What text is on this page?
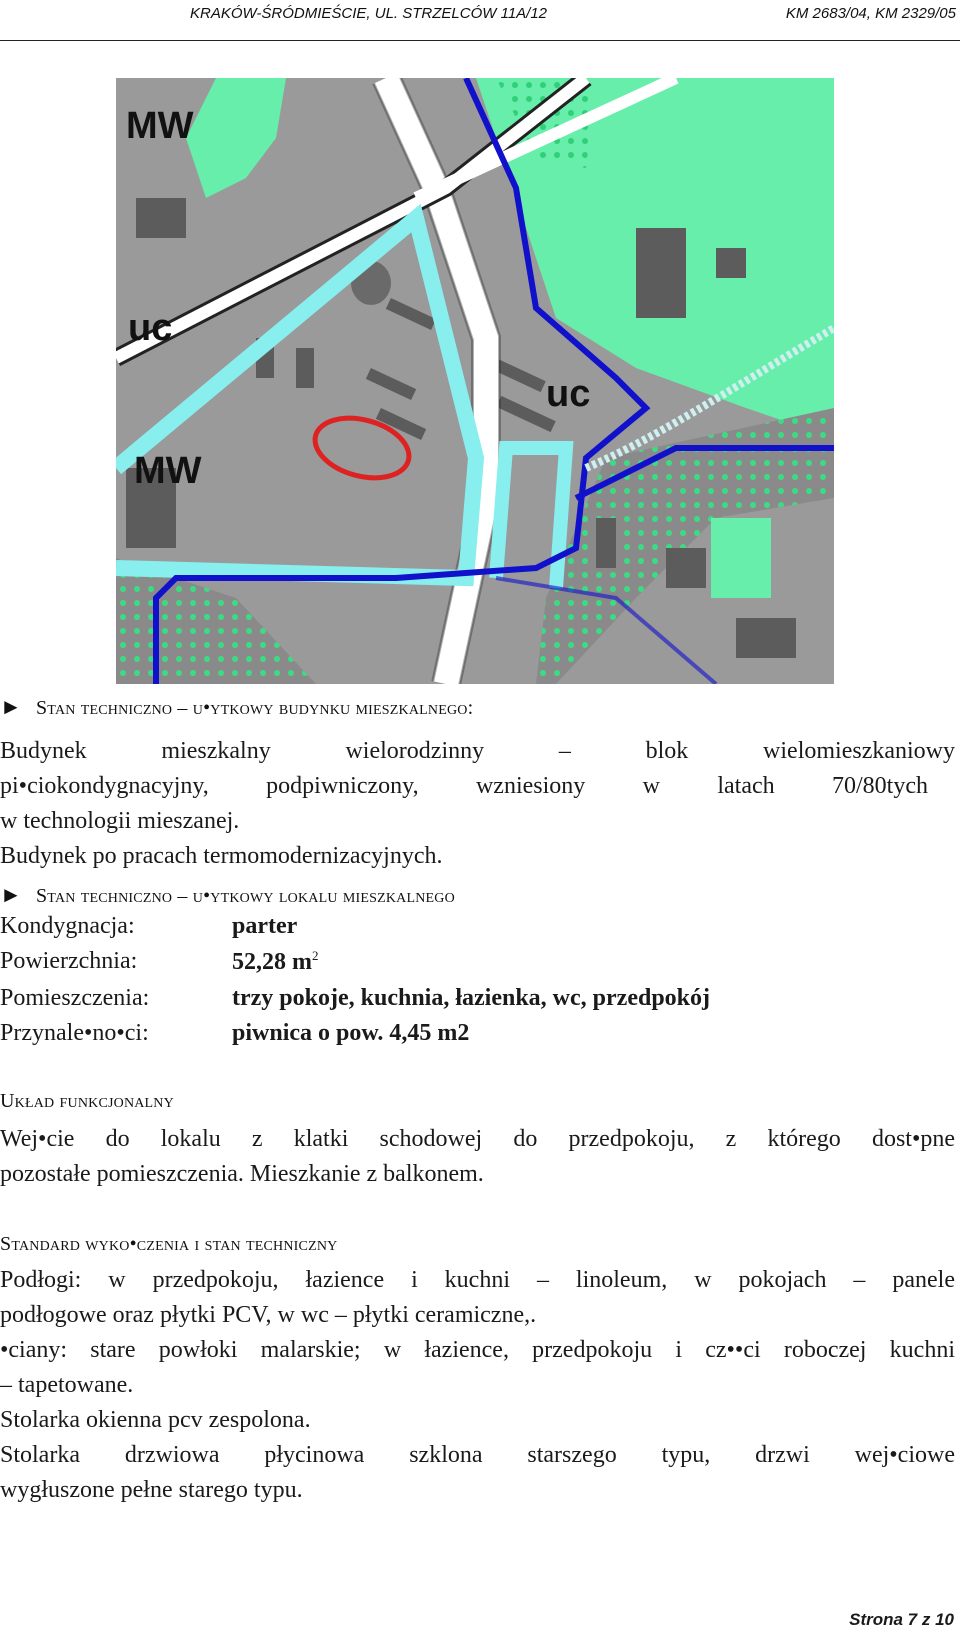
KRAKÓW-ŚRÓDMIEŚCIE, UL. STRZELCÓW 11A/12	KM 2683/04, KM 2329/05
MW
uc
MW
uc
► Stan techniczno – u•ytkowy budynku mieszkalnego:
Budynek mieszkalny wielorodzinny – blok wielomieszkaniowy
pi•ciokondygnacyjny, podpiwniczony, wzniesiony w latach 70/80tych
w technologii mieszanej.
Budynek po pracach termomodernizacyjnych.
► Stan techniczno – u•ytkowy lokalu mieszkalnego
Kondygnacja:	parter
Powierzchnia:	52,28 $m^2$
Pomieszczenia:	trzy pokoje, kuchnia, łazienka, wc, przedpokój
Przynale•no•ci:	piwnica o pow. 4,45 m2
Układ funkcjonalny
Wej•cie do lokalu z klatki schodowej do przedpokoju, z którego dost•pne
pozostałe pomieszczenia. Mieszkanie z balkonem.
Standard wyko•czenia i stan techniczny
Podłogi: w przedpokoju, łazience i kuchni – linoleum, w pokojach – panele
podłogowe oraz płytki PCV, w wc – płytki ceramiczne,.
•ciany: stare powłoki malarskie; w łazience, przedpokoju i cz••ci roboczej kuchni
– tapetowane.
Stolarka okienna pcv zespolona.
Stolarka drzwiowa płycinowa szklona starszego typu, drzwi wej•ciowe
wygłuszone pełne starego typu.
Strona 7 z 10
